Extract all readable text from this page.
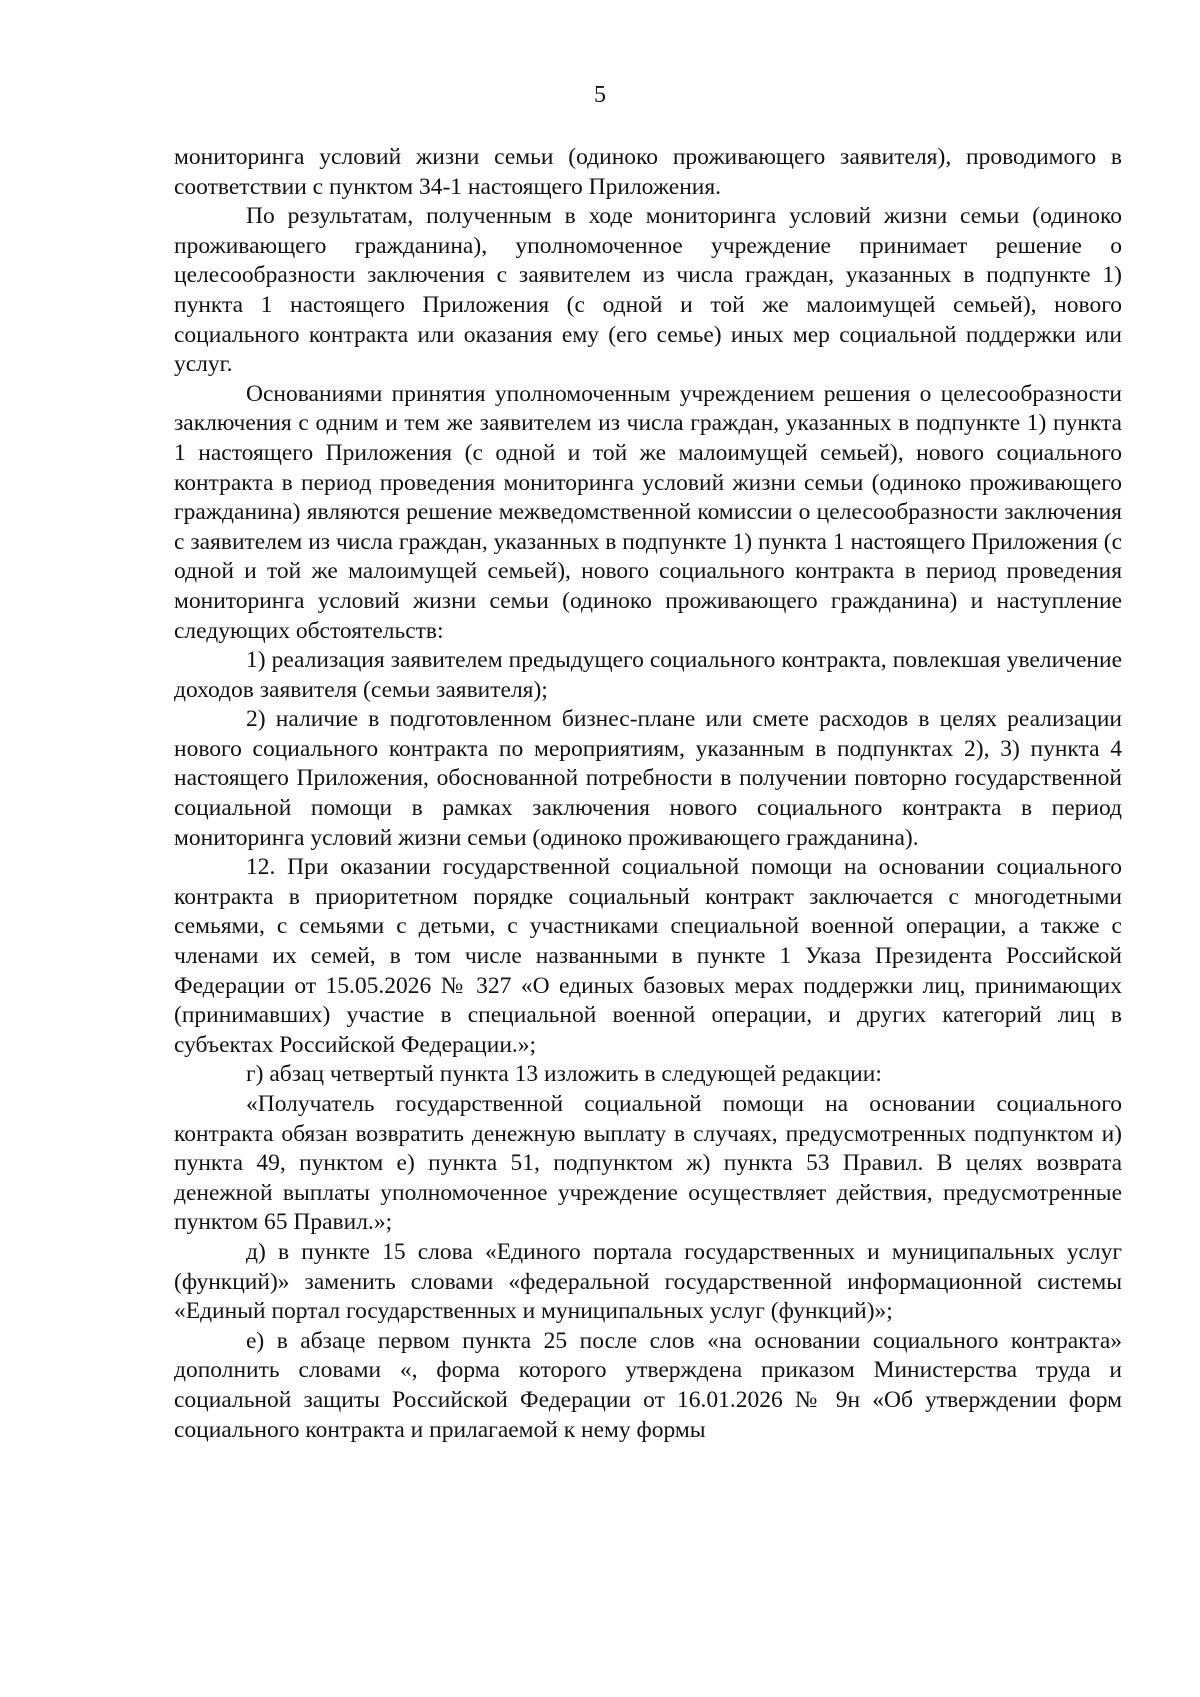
5

мониторинга условий жизни семьи (одиноко проживающего заявителя), проводимого в соответствии с пунктом 34-1 настоящего Приложения.

По результатам, полученным в ходе мониторинга условий жизни семьи (одиноко проживающего гражданина), уполномоченное учреждение принимает решение о целесообразности заключения с заявителем из числа граждан, указанных в подпункте 1) пункта 1 настоящего Приложения (с одной и той же малоимущей семьей), нового социального контракта или оказания ему (его семье) иных мер социальной поддержки или услуг.

Основаниями принятия уполномоченным учреждением решения о целесообразности заключения с одним и тем же заявителем из числа граждан, указанных в подпункте 1) пункта 1 настоящего Приложения (с одной и той же малоимущей семьей), нового социального контракта в период проведения мониторинга условий жизни семьи (одиноко проживающего гражданина) являются решение межведомственной комиссии о целесообразности заключения с заявителем из числа граждан, указанных в подпункте 1) пункта 1 настоящего Приложения (с одной и той же малоимущей семьей), нового социального контракта в период проведения мониторинга условий жизни семьи (одиноко проживающего гражданина) и наступление следующих обстоятельств:

1) реализация заявителем предыдущего социального контракта, повлекшая увеличение доходов заявителя (семьи заявителя);

2) наличие в подготовленном бизнес-плане или смете расходов в целях реализации нового социального контракта по мероприятиям, указанным в подпунктах 2), 3) пункта 4 настоящего Приложения, обоснованной потребности в получении повторно государственной социальной помощи в рамках заключения нового социального контракта в период мониторинга условий жизни семьи (одиноко проживающего гражданина).

12. При оказании государственной социальной помощи на основании социального контракта в приоритетном порядке социальный контракт заключается с многодетными семьями, с семьями с детьми, с участниками специальной военной операции, а также с членами их семей, в том числе названными в пункте 1 Указа Президента Российской Федерации от 15.05.2026 № 327 «О единых базовых мерах поддержки лиц, принимающих (принимавших) участие в специальной военной операции, и других категорий лиц в субъектах Российской Федерации.»;

г) абзац четвертый пункта 13 изложить в следующей редакции:

«Получатель государственной социальной помощи на основании социального контракта обязан возвратить денежную выплату в случаях, предусмотренных подпунктом и) пункта 49, пунктом е) пункта 51, подпунктом ж) пункта 53 Правил. В целях возврата денежной выплаты уполномоченное учреждение осуществляет действия, предусмотренные пунктом 65 Правил.»;

д) в пункте 15 слова «Единого портала государственных и муниципальных услуг (функций)» заменить словами «федеральной государственной информационной системы «Единый портал государственных и муниципальных услуг (функций)»;

е) в абзаце первом пункта 25 после слов «на основании социального контракта» дополнить словами «, форма которого утверждена приказом Министерства труда и социальной защиты Российской Федерации от 16.01.2026 № 9н «Об утверждении форм социального контракта и прилагаемой к нему формы
